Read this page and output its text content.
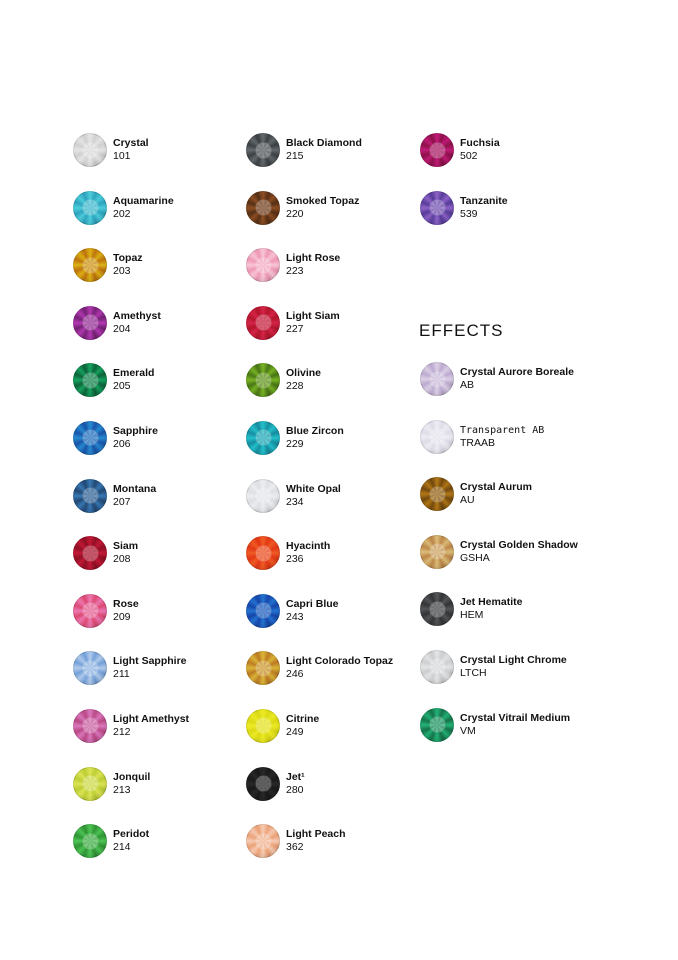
Crystal
101
Aquamarine
202
Topaz
203
Amethyst
204
Emerald
205
Sapphire
206
Montana
207
Siam
208
Rose
209
Light Sapphire
211
Light Amethyst
212
Jonquil
213
Peridot
214
Black Diamond
215
Smoked Topaz
220
Light Rose
223
Light Siam
227
Olivine
228
Blue Zircon
229
White Opal
234
Hyacinth
236
Capri Blue
243
Light Colorado Topaz
246
Citrine
249
Jet¹
280
Light Peach
362
Fuchsia
502
Tanzanite
539
EFFECTS
Crystal Aurore Boreale
AB
Transparent AB
TRAAB
Crystal Aurum
AU
Crystal Golden Shadow
GSHA
Jet Hematite
HEM
Crystal Light Chrome
LTCH
Crystal Vitrail Medium
VM
